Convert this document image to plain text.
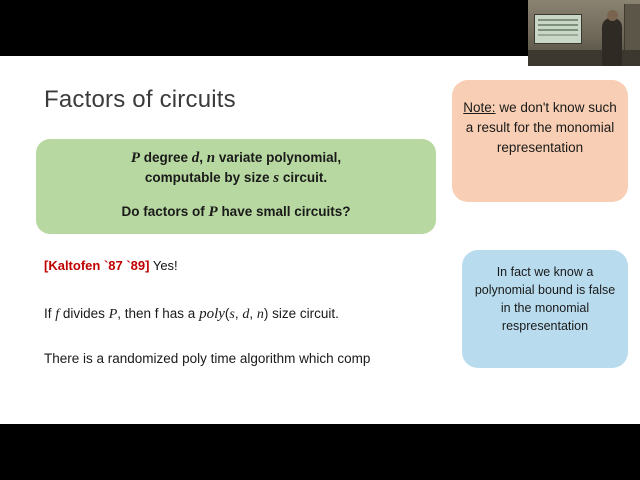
Factors of circuits
P degree d, n variate polynomial,
computable by size s circuit.
Do factors of P have small circuits?
[Kaltofen `87 `89] Yes!
If f divides P, then f has a poly(s, d, n) size circuit.
There is a randomized poly time algorithm which comp
Note: we don't know such a result for the monomial representation
In fact we know a polynomial bound is false in the monomial respresentation
